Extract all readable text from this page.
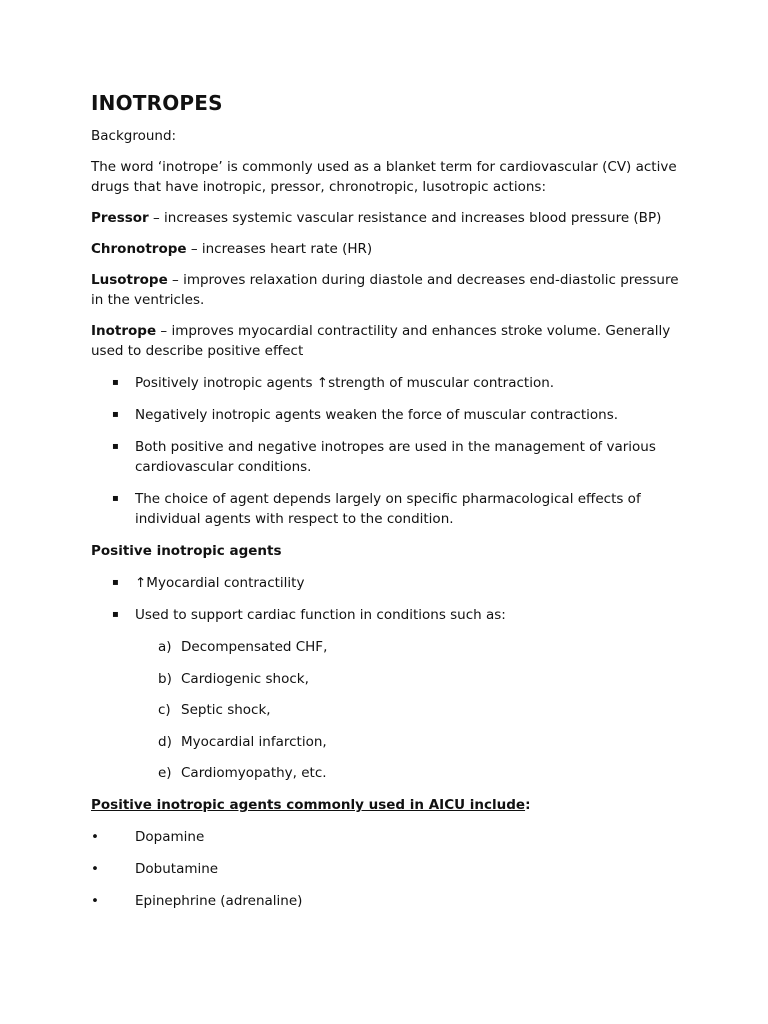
INOTROPES

Background:

The word ‘inotrope’ is commonly used as a blanket term for cardiovascular (CV) active drugs that have inotropic, pressor, chronotropic, lusotropic actions:

Pressor – increases systemic vascular resistance and increases blood pressure (BP)

Chronotrope – increases heart rate (HR)

Lusotrope – improves relaxation during diastole and decreases end-diastolic pressure in the ventricles.

Inotrope – improves myocardial contractility and enhances stroke volume. Generally used to describe positive effect

▪ Positively inotropic agents ↑strength of muscular contraction.
▪ Negatively inotropic agents weaken the force of muscular contractions.
▪ Both positive and negative inotropes are used in the management of various cardiovascular conditions.
▪ The choice of agent depends largely on specific pharmacological effects of individual agents with respect to the condition.

Positive inotropic agents

▪ ↑Myocardial contractility
▪ Used to support cardiac function in conditions such as:
a) Decompensated CHF,
b) Cardiogenic shock,
c) Septic shock,
d) Myocardial infarction,
e) Cardiomyopathy, etc.

Positive inotropic agents commonly used in AICU include:

•	Dopamine
•	Dobutamine
•	Epinephrine (adrenaline)
